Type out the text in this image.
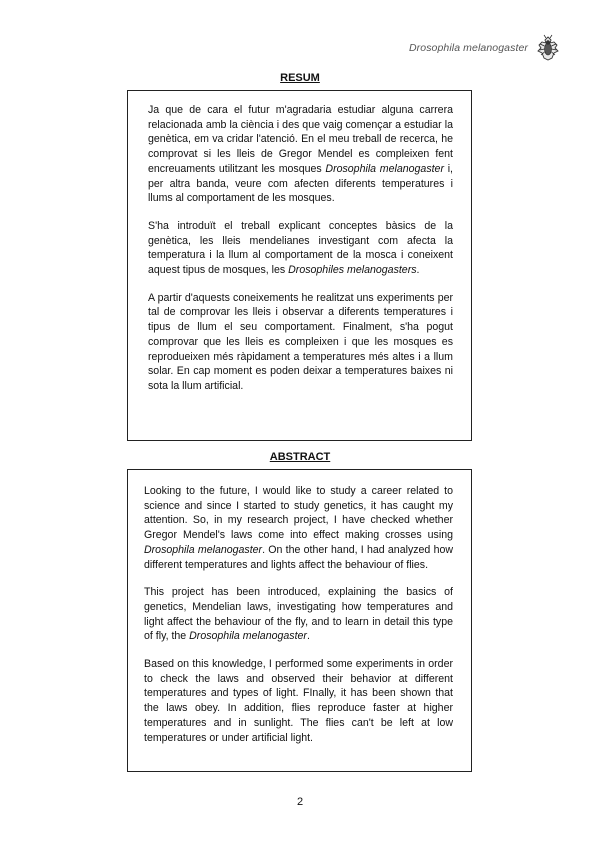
Drosophila melanogaster
RESUM

Ja que de cara el futur m'agradaria estudiar alguna carrera relacionada amb la ciència i des que vaig començar a estudiar la genètica, em va cridar l'atenció. En el meu treball de recerca, he comprovat si les lleis de Gregor Mendel es compleixen fent encreuaments utilitzant les mosques Drosophila melanogaster i, per altra banda, veure com afecten diferents temperatures i llums al comportament de les mosques.

S'ha introduït el treball explicant conceptes bàsics de la genètica, les lleis mendelianes investigant com afecta la temperatura i la llum al comportament de la mosca i coneixent aquest tipus de mosques, les Drosophiles melanogasters.

A partir d'aquests coneixements he realitzat uns experiments per tal de comprovar les lleis i observar a diferents temperatures i tipus de llum el seu comportament. Finalment, s'ha pogut comprovar que les lleis es compleixen i que les mosques es reprodueixen més ràpidament a temperatures més altes i a llum solar. En cap moment es poden deixar a temperatures baixes ni sota la llum artificial.

ABSTRACT

Looking to the future, I would like to study a career related to science and since I started to study genetics, it has caught my attention. So, in my research project, I have checked whether Gregor Mendel's laws come into effect making crosses using Drosophila melanogaster. On the other hand, I had analyzed how different temperatures and lights affect the behaviour of flies.

This project has been introduced, explaining the basics of genetics, Mendelian laws, investigating how temperatures and light affect the behaviour of the fly, and to learn in detail this type of fly, the Drosophila melanogaster.

Based on this knowledge, I performed some experiments in order to check the laws and observed their behavior at different temperatures and types of light. FInally, it has been shown that the laws obey. In addition, flies reproduce faster at higher temperatures and in sunlight. The flies can't be left at low temperatures or under artificial light.

2
